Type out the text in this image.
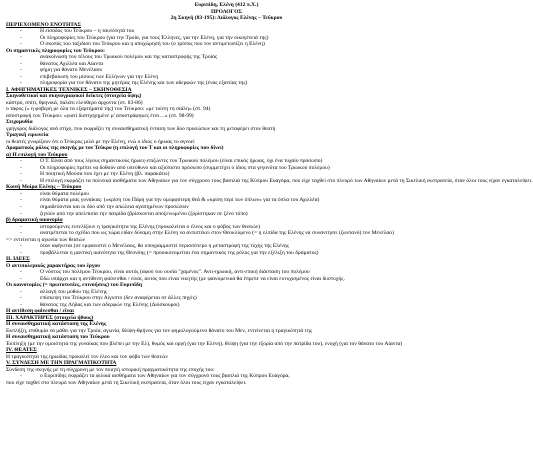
Ευριπίδη, Ελένη (412 π.Χ.)
ΠΡΟΛΟΓΟΣ
2η Σκηνή (83-195): Διάλογος Ελένης – Τεύκρου
ΠΕΡΙΕΧΟΜΕΝΟ ΕΝΟΤΗΤΑΣ
- Η είσοδος του Τεύκρου – η ταυτότητά του
- Οι πληροφορίες του Τεύκρου (για την Τροία, για τους Έλληνες, για την Ελένη, για την οικογένειά της)
- Ο σκοπός του ταξιδιού του Τεύκρου και η αποχώρησή του (ο τρόπος που τον αντιμετωπίζει η Ελένη)
Οι σημαντικές πληροφορίες του Τεύκρου:
- ανακοίνωση του τέλους του Τρωικού πολέμου και της καταστροφής της Τροίας
- θάνατος Αχιλλέα και Αίαντα
- φήμη για θάνατο Μενέλαου
- επιβεβαίωση του μίσους των Ελλήνων για την Ελένη
- πληροφορία για τον θάνατο της μητέρας της Ελένης και των αδερφών της (ένας εξαιτίας της)
Ι. ΑΦΗΓΗΜΑΤΙΚΕΣ ΤΕΧΝΙΚΕΣ – ΣΚΗΝΟΘΕΣΙΑ
Σκηνοθετικοί και σκηνογραφικοί δείκτες (στοιχεία όψης)
κάστρο, σπίτι, θρηνικά, παλάτι ελεύθερο άρχοντα (στ. 83-86)
ο τάφος (« η φοβερή με όλα τα εξαρτήματά της) του Τεύκρου: «με τούτη τη σιάλη» (στ. 94)
αποστροφή του Τεύκρου: «γιατί διστησχημένε μ' αποστράφηκες έτσι…» (στ. 98-99)
Στιχομυθία
γρήγορος διάλογος ανά στίχο, που εκφράζει τη συναισθηματική ένταση των δύο προσώπων και τη μεταφέρει στον θεατή
Τραγική ειρωνεία
οι θεατές γνωρίζουν ότι ο Τεύκρος μιλά με την Ελένη, ενώ ο ίδιος ο ήρωας το αγνοεί
Δραματικός ρόλος της σκηνής με τον Τεύκρο (η επιλογή του Τ και οι πληροφορίες που δίνει)
α) Η επιλογή του Τεύκρου
- Ο Τ. Είναι από τους λίγους σημαντικούς ήρωες-επιζώντες του Τρωικού πολέμου (είναι επικός ήρωας, όχι ένα τυχαίο πρόσωπο)
- Οι πληροφορίες πρέπει να δοθούν από υπεύθυνο και αξιόπιστο πρόσωπο (συμμετέχει ο ίδιος στα γεγονότα του Τρωικού πολέμου)
- Η ποιητική Μούσα που έχει με την Ελένη (βλ. παρακάτω)
- Η επιλογή εκφράζει τα πολιτικά αισθήματα των Αθηναίων για τον σύγχρονο τους βασιλιά της Κύπρου Ευαγόρα, που είχε ταχθεί στο πλευρό των Αθηναίων μετά τη Σικελική εκστρατεία, όταν όλοι τους είχαν εγκαταλείψει.
Κοινή Μοίρα Ελένης – Τεύκρου
- είναι θύματα πολέμου
- είναι θύματα μιας γυναίκας: (»κρίση του Πάρη για την ομορφότερη θεά & »κρίση περί των όπλων» για τα όπλα του Αχιλλέα)
- σημαδεύονται και οι δύο από την απώλεια αγαπημένων προσώπων
- ζητούν από την απελπισία την πατρίδα (βρίσκονται αποξενωμένοι (ξορίστηκαν σε ξένο τόπο)
β) δραματική οικονομία
- ιστορούμενες ευτελίζουν η τραγικότητα της Ελένης (προκαλείται ο έλεος και ο φόβος των θεατών)
- ανατρέπεται το σχέδιο που ως τώρα είδαν δύναμη στην Ελένη να αντιστέκει στον Θεοκλύμενο (= η ελπίδα της Ελένης να συναντήσει (ζωντανό) τον Μενέλαο)
=> εντείνεται η αγωνία των θεατών
- όταν αφήνεται (σε εμφανιστεί ο Μενέλαος, θα υπογραμμιστεί περισσότερο η μεταστροφή της τύχης της Ελένης
- προβάλλεται η μαντική ικανότητα της Θεονόης (= προοικονομείται ένα σημαντικός της ρόλος για την εξέλιξη του δράματος)
ΙΙ. ΙΔΕΕΣ
Ο αντιπολεμικός χαρακτήρας του έργου
- Ο νόστος του πολέμου Τεύκρου, είναι αυτός (αφού του ουσία "χαμένος". Αντι-ηρωική, αντι-επική διάσταση του πολέμου
- Εδώ υπάρχει και η αντίθεση φαίνεσθαι / είναι, αυτός που είναι νικητής (με φαινομενικά θα έπρεπε να είναι ευτυχισμένος είναι δυστυχής.
Οι καινοτομίες (= πρωτοτυπίες, επινοήσεις) του Ευριπίδη
- αλλαγή του μύθου της Ελένης
- επίσκεψη του Τεύκρου στην Αίγυπτο (δεν αναφέρεται σε άλλες πηγές)
- θάνατος της Λήδας και των αδερφών της Ελένης (Διόσκουροι)
Η αντίθεση φαίνεσθαι / είναι
ΙΙΙ. ΧΑΡΑΚΤΗΡΕΣ (στοιχεία ήθους)
Η συναισθηματική κατάσταση της Ελένης
Εκπλήξη, επιθυμία να μάθει για την Τροία, αγωνία, θλίψη-θρήνος για τον φημολογούμενο θάνατο του Μεν, εντείνεται η τραγικότητά της
Η συναισθηματική κατάσταση του Τεύκρου
Έκπληξη (με την ομοιότητα της γυναίκας που βλέπει με την Ελ), θυμός και οργή (για την Ελένη), θλίψη (για την εξορία από την πατρίδα του), ενοχή (για τον θάνατο του Αίαντα)
ΙV. ΘΕΑΤΕΣ
Η τραγικότητα της ηρωίδας προκαλεί τον έλεο και τον φόβο των θεατών
V. ΣΥΝΔΕΣΗ ΜΕ ΤΗΝ ΠΡΑΓΜΑΤΙΚΟΤΗΤΑ
Σύνδεση της σκηνής με τη σύγχρονη με τον ποιητή ιστορική πραγματικότητα της εποχής του:
- ο Ευριπίδης εκφράζει τα φιλικά αισθήματα των Αθηναίων για τον σύγχρονό τους βασιλιά της Κύπρου Ευαγόρα,
που είχε ταχθεί στο πλευρό των Αθηναίων μετά τη Σικελική εκστρατεία, όταν όλοι τους είχαν εγκαταλείψει.
